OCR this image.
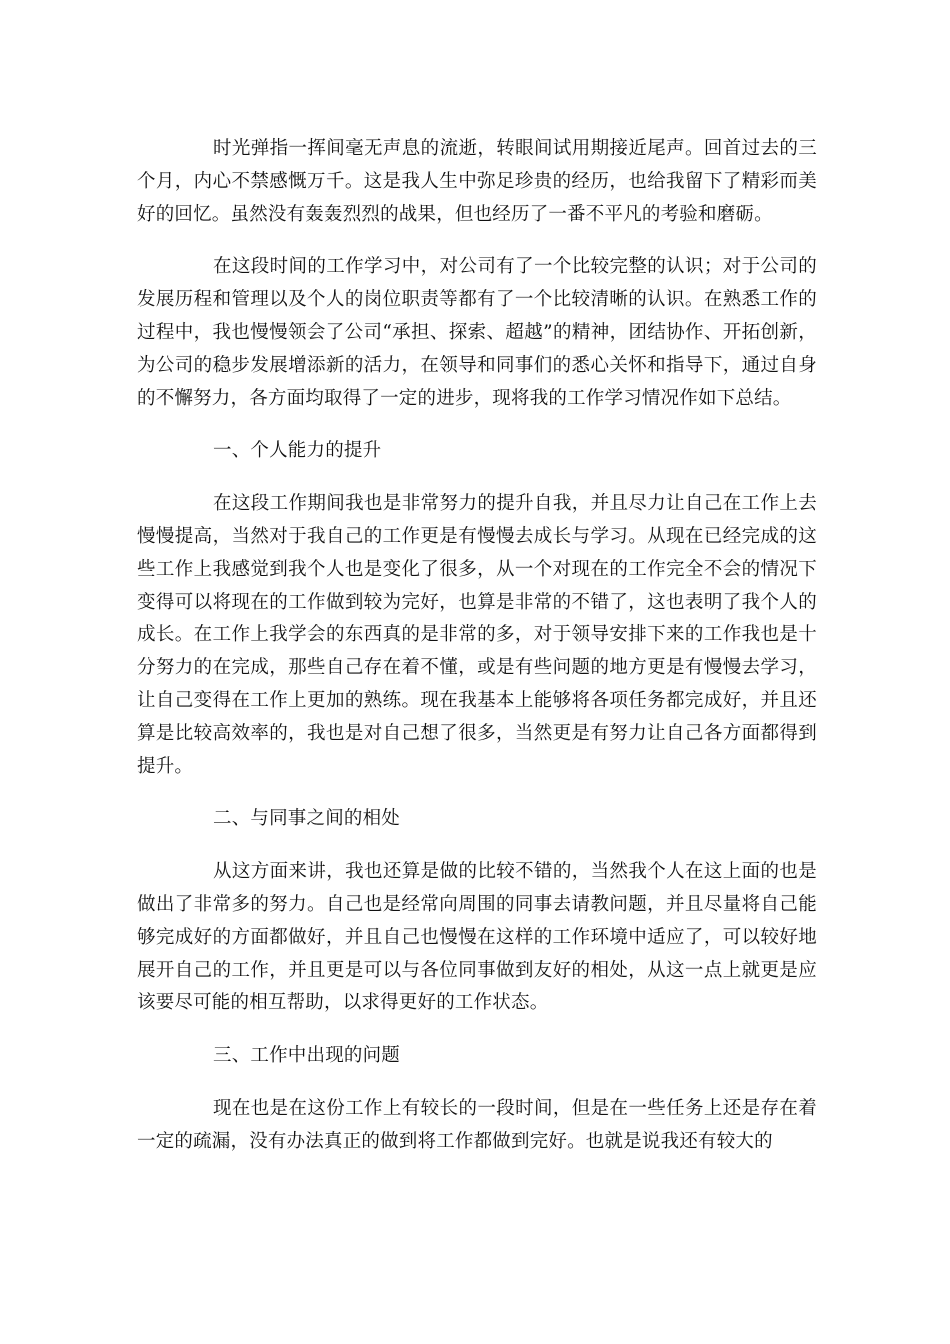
时光弹指一挥间毫无声息的流逝，转眼间试用期接近尾声。回首过去的三个月，内心不禁感慨万千。这是我人生中弥足珍贵的经历，也给我留下了精彩而美好的回忆。虽然没有轰轰烈烈的战果，但也经历了一番不平凡的考验和磨砺。

在这段时间的工作学习中，对公司有了一个比较完整的认识；对于公司的发展历程和管理以及个人的岗位职责等都有了一个比较清晰的认识。在熟悉工作的过程中，我也慢慢领会了公司“承担、探索、超越”的精神，团结协作、开拓创新，为公司的稳步发展增添新的活力，在领导和同事们的悉心关怀和指导下，通过自身的不懈努力，各方面均取得了一定的进步，现将我的工作学习情况作如下总结。

一、个人能力的提升

在这段工作期间我也是非常努力的提升自我，并且尽力让自己在工作上去慢慢提高，当然对于我自己的工作更是有慢慢去成长与学习。从现在已经完成的这些工作上我感觉到我个人也是变化了很多，从一个对现在的工作完全不会的情况下变得可以将现在的工作做到较为完好，也算是非常的不错了，这也表明了我个人的成长。在工作上我学会的东西真的是非常的多，对于领导安排下来的工作我也是十分努力的在完成，那些自己存在着不懂，或是有些问题的地方更是有慢慢去学习，让自己变得在工作上更加的熟练。现在我基本上能够将各项任务都完成好，并且还算是比较高效率的，我也是对自己想了很多，当然更是有努力让自己各方面都得到提升。

二、与同事之间的相处

从这方面来讲，我也还算是做的比较不错的，当然我个人在这上面的也是做出了非常多的努力。自己也是经常向周围的同事去请教问题，并且尽量将自己能够完成好的方面都做好，并且自己也慢慢在这样的工作环境中适应了，可以较好地展开自己的工作，并且更是可以与各位同事做到友好的相处，从这一点上就更是应该要尽可能的相互帮助，以求得更好的工作状态。

三、工作中出现的问题

现在也是在这份工作上有较长的一段时间，但是在一些任务上还是存在着一定的疏漏，没有办法真正的做到将工作都做到完好。也就是说我还有较大的
